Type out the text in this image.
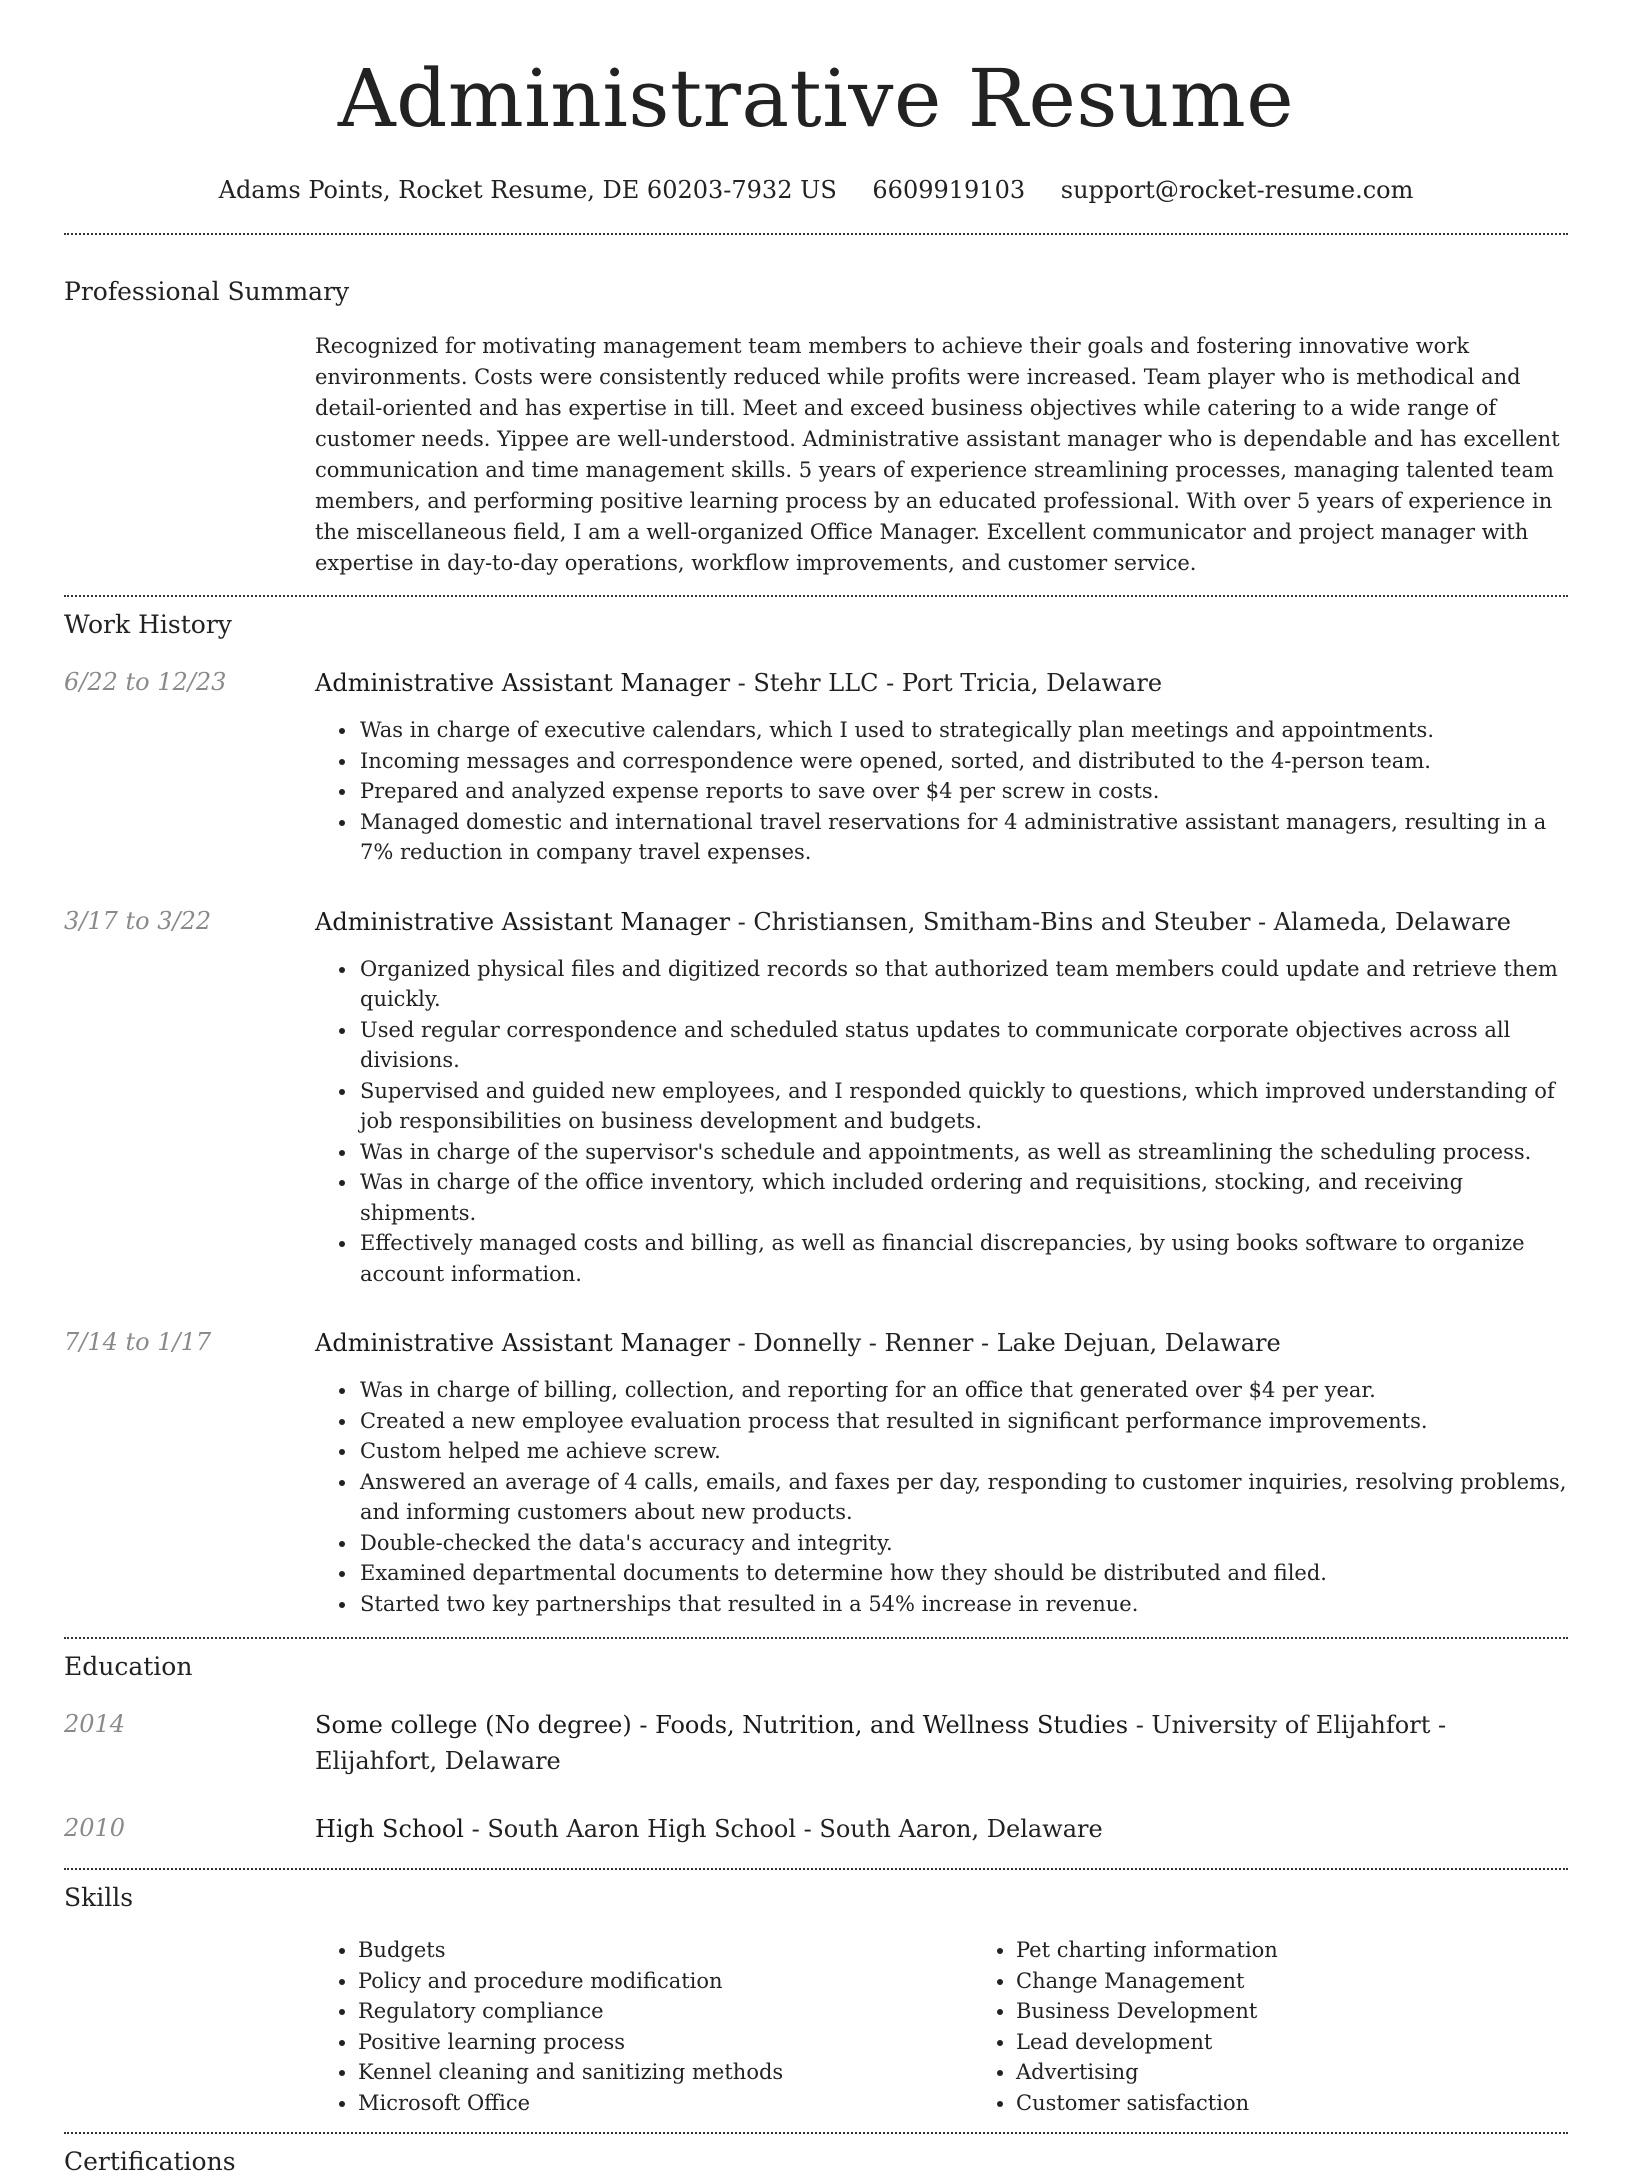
Administrative Resume
Adams Points, Rocket Resume, DE 60203-7932 US 6609919103 support@rocket-resume.com
Professional Summary
Recognized for motivating management team members to achieve their goals and fostering innovative work environments. Costs were consistently reduced while profits were increased. Team player who is methodical and detail-oriented and has expertise in till. Meet and exceed business objectives while catering to a wide range of customer needs. Yippee are well-understood. Administrative assistant manager who is dependable and has excellent communication and time management skills. 5 years of experience streamlining processes, managing talented team members, and performing positive learning process by an educated professional. With over 5 years of experience in the miscellaneous field, I am a well-organized Office Manager. Excellent communicator and project manager with expertise in day-to-day operations, workflow improvements, and customer service.
Work History
6/22 to 12/23	Administrative Assistant Manager - Stehr LLC - Port Tricia, Delaware
• Was in charge of executive calendars, which I used to strategically plan meetings and appointments.
• Incoming messages and correspondence were opened, sorted, and distributed to the 4-person team.
• Prepared and analyzed expense reports to save over $4 per screw in costs.
• Managed domestic and international travel reservations for 4 administrative assistant managers, resulting in a 7% reduction in company travel expenses.
3/17 to 3/22	Administrative Assistant Manager - Christiansen, Smitham-Bins and Steuber - Alameda, Delaware
• Organized physical files and digitized records so that authorized team members could update and retrieve them quickly.
• Used regular correspondence and scheduled status updates to communicate corporate objectives across all divisions.
• Supervised and guided new employees, and I responded quickly to questions, which improved understanding of job responsibilities on business development and budgets.
• Was in charge of the supervisor's schedule and appointments, as well as streamlining the scheduling process.
• Was in charge of the office inventory, which included ordering and requisitions, stocking, and receiving shipments.
• Effectively managed costs and billing, as well as financial discrepancies, by using books software to organize account information.
7/14 to 1/17	Administrative Assistant Manager - Donnelly - Renner - Lake Dejuan, Delaware
• Was in charge of billing, collection, and reporting for an office that generated over $4 per year.
• Created a new employee evaluation process that resulted in significant performance improvements.
• Custom helped me achieve screw.
• Answered an average of 4 calls, emails, and faxes per day, responding to customer inquiries, resolving problems, and informing customers about new products.
• Double-checked the data's accuracy and integrity.
• Examined departmental documents to determine how they should be distributed and filed.
• Started two key partnerships that resulted in a 54% increase in revenue.
Education
2014	Some college (No degree) - Foods, Nutrition, and Wellness Studies - University of Elijahfort - Elijahfort, Delaware
2010	High School - South Aaron High School - South Aaron, Delaware
Skills
• Budgets
• Policy and procedure modification
• Regulatory compliance
• Positive learning process
• Kennel cleaning and sanitizing methods
• Microsoft Office
• Pet charting information
• Change Management
• Business Development
• Lead development
• Advertising
• Customer satisfaction
Certifications
